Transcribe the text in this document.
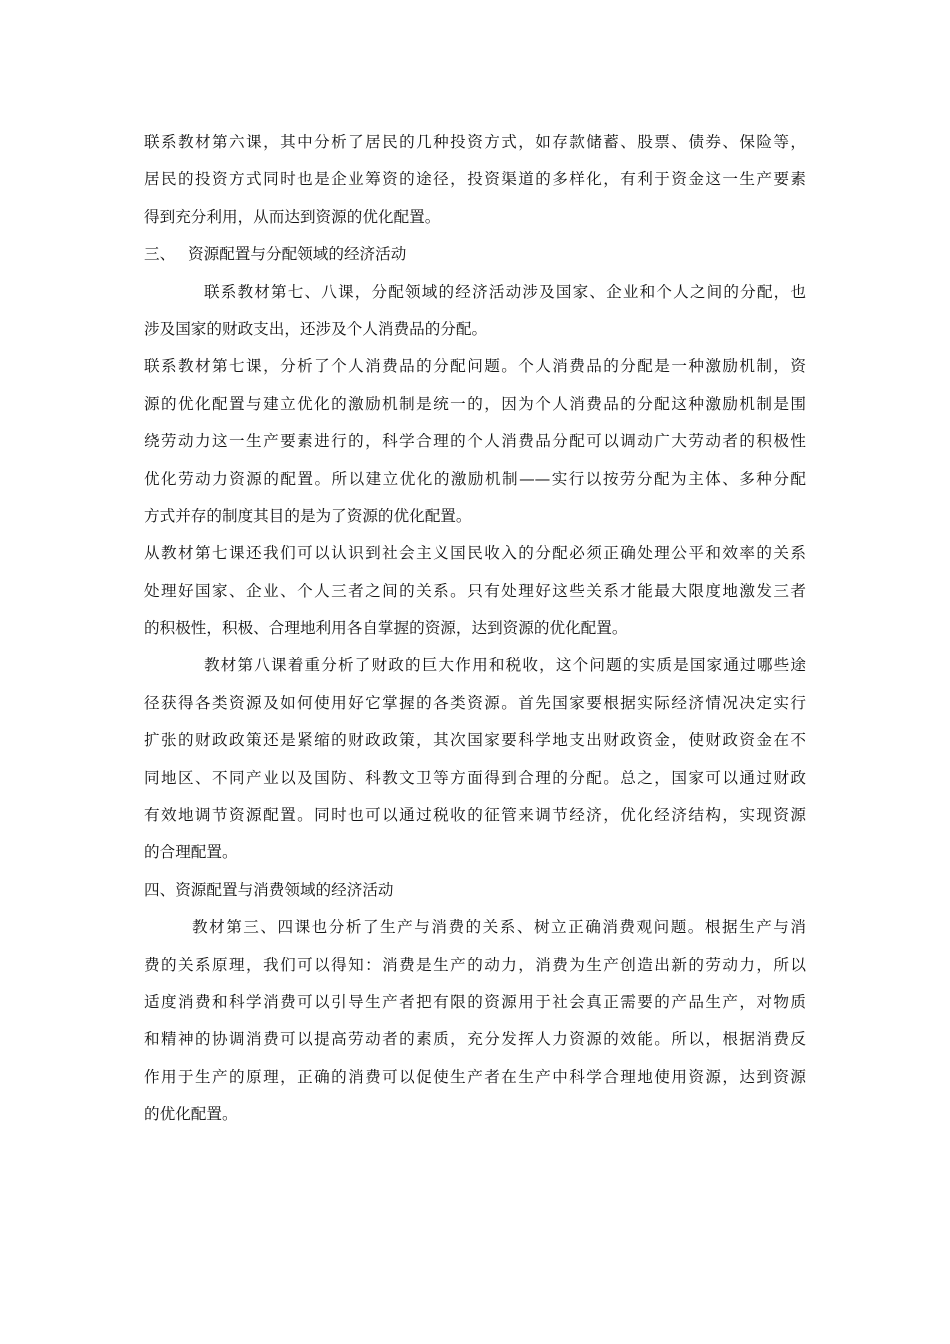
联系教材第六课，其中分析了居民的几种投资方式，如存款储蓄、股票、债券、保险等，
居民的投资方式同时也是企业筹资的途径，投资渠道的多样化，有利于资金这一生产要素
得到充分利用，从而达到资源的优化配置。
三、 资源配置与分配领域的经济活动
联系教材第七、八课，分配领域的经济活动涉及国家、企业和个人之间的分配，也
涉及国家的财政支出，还涉及个人消费品的分配。
联系教材第七课，分析了个人消费品的分配问题。个人消费品的分配是一种激励机制，资
源的优化配置与建立优化的激励机制是统一的，因为个人消费品的分配这种激励机制是围
绕劳动力这一生产要素进行的，科学合理的个人消费品分配可以调动广大劳动者的积极性
优化劳动力资源的配置。所以建立优化的激励机制——实行以按劳分配为主体、多种分配
方式并存的制度其目的是为了资源的优化配置。
从教材第七课还我们可以认识到社会主义国民收入的分配必须正确处理公平和效率的关系
处理好国家、企业、个人三者之间的关系。只有处理好这些关系才能最大限度地激发三者
的积极性，积极、合理地利用各自掌握的资源，达到资源的优化配置。
教材第八课着重分析了财政的巨大作用和税收，这个问题的实质是国家通过哪些途
径获得各类资源及如何使用好它掌握的各类资源。首先国家要根据实际经济情况决定实行
扩张的财政政策还是紧缩的财政政策，其次国家要科学地支出财政资金，使财政资金在不
同地区、不同产业以及国防、科教文卫等方面得到合理的分配。总之，国家可以通过财政
有效地调节资源配置。同时也可以通过税收的征管来调节经济，优化经济结构，实现资源
的合理配置。
四、资源配置与消费领域的经济活动
教材第三、四课也分析了生产与消费的关系、树立正确消费观问题。根据生产与消
费的关系原理，我们可以得知：消费是生产的动力，消费为生产创造出新的劳动力，所以
适度消费和科学消费可以引导生产者把有限的资源用于社会真正需要的产品生产，对物质
和精神的协调消费可以提高劳动者的素质，充分发挥人力资源的效能。所以，根据消费反
作用于生产的原理，正确的消费可以促使生产者在生产中科学合理地使用资源，达到资源
的优化配置。
